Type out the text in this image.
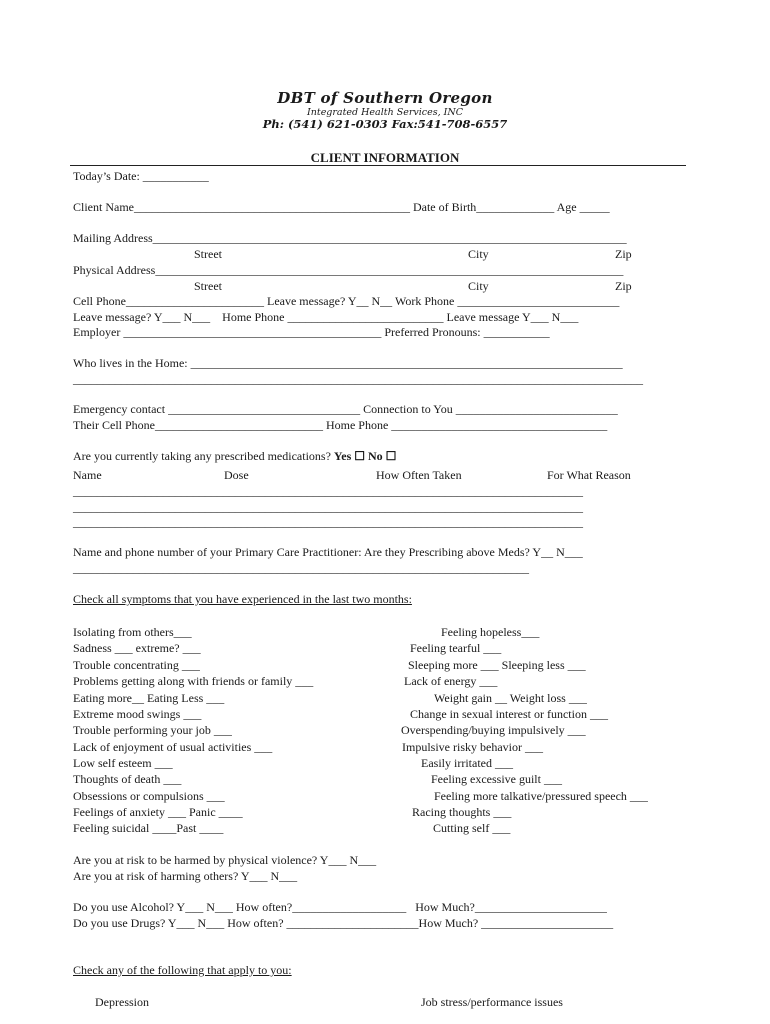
DBT of Southern Oregon
Integrated Health Services, INC
Ph: (541) 621-0303 Fax:541-708-6557
CLIENT INFORMATION
Today’s Date: ___________
Client Name______________________________________________ Date of Birth_____________ Age _____
Mailing Address_______________________________________________________________________________
Street	City	Zip
Physical Address______________________________________________________________________________
Street	City	Zip
Cell Phone_______________________ Leave message? Y__ N__ Work Phone ___________________________
Leave message? Y___ N___    Home Phone __________________________ Leave message Y___ N___
Employer ___________________________________________ Preferred Pronouns: ___________
Who lives in the Home: ________________________________________________________________________
_______________________________________________________________________________________________
Emergency contact ________________________________ Connection to You ___________________________
Their Cell Phone____________________________ Home Phone ____________________________________
Are you currently taking any prescribed medications? Yes ☐ No ☐
Name	Dose	How Often Taken	For What Reason
_____________________________________________________________________________________
_____________________________________________________________________________________
_____________________________________________________________________________________
Name and phone number of your Primary Care Practitioner: Are they Prescribing above Meds? Y__ N___
____________________________________________________________________________
Check all symptoms that you have experienced in the last two months:
Isolating from others___
Sadness ___ extreme? ___
Trouble concentrating ___
Problems getting along with friends or family ___
Eating more__ Eating Less ___
Extreme mood swings ___
Trouble performing your job ___
Lack of enjoyment of usual activities ___
Low self esteem ___
Thoughts of death ___
Obsessions or compulsions ___
Feelings of anxiety ___ Panic ____
Feeling suicidal ____Past ____
Feeling hopeless___
Feeling tearful ___
Sleeping more ___ Sleeping less ___
Lack of energy ___
Weight gain __ Weight loss ___
Change in sexual interest or function ___
Overspending/buying impulsively ___
Impulsive risky behavior ___
Easily irritated ___
Feeling excessive guilt ___
Feeling more talkative/pressured speech ___
Racing thoughts ___
Cutting self ___
Are you at risk to be harmed by physical violence? Y___ N___
Are you at risk of harming others? Y___ N___
Do you use Alcohol? Y___ N___ How often?___________________   How Much?______________________
Do you use Drugs? Y___ N___ How often? ______________________How Much? ______________________
Check any of the following that apply to you:
Depression	Job stress/performance issues
